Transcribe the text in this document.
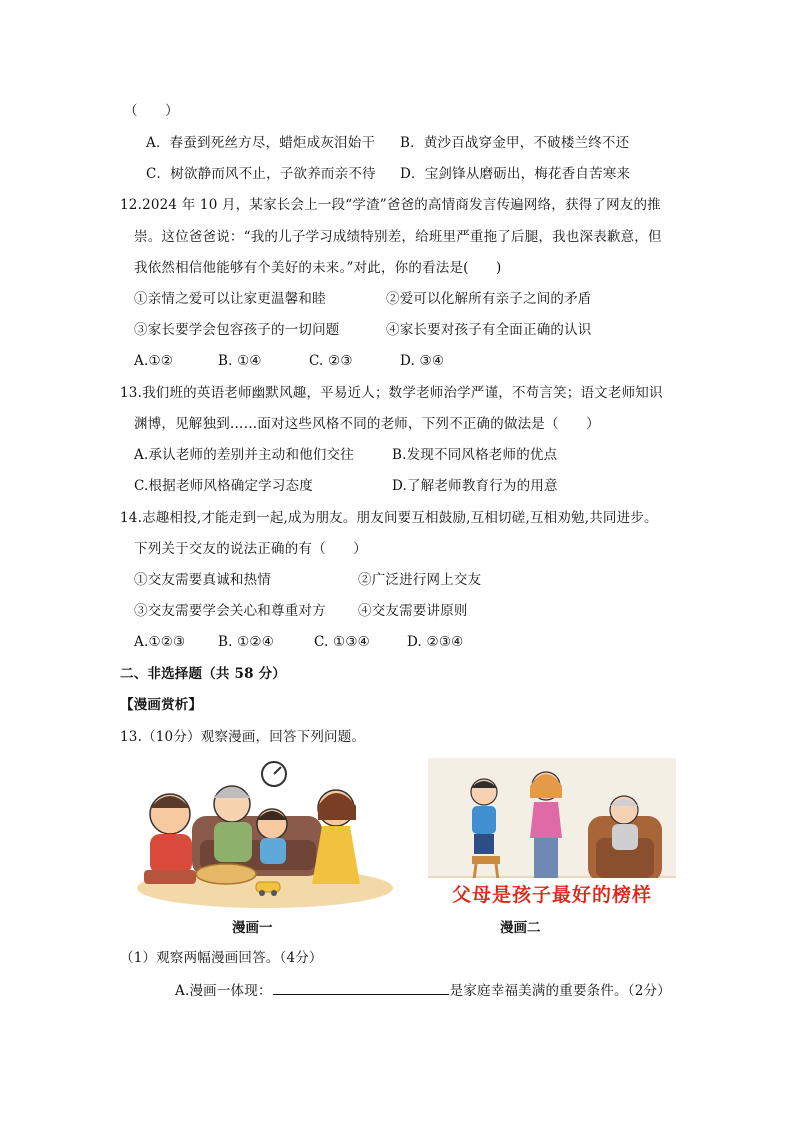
（　　）
A．春蚕到死丝方尽，蜡炬成灰泪始干 B．黄沙百战穿金甲，不破楼兰终不还
C．树欲静而风不止，子欲养而亲不待 D．宝剑锋从磨砺出，梅花香自苦寒来
12.2024 年 10 月，某家长会上一段“学渣”爸爸的高情商发言传遍网络，获得了网友的推
崇。这位爸爸说：“我的儿子学习成绩特别差，给班里严重拖了后腿，我也深表歉意，但
我依然相信他能够有个美好的未来。”对此，你的看法是(　　)
①亲情之爱可以让家更温馨和睦	②爱可以化解所有亲子之间的矛盾
③家长要学会包容孩子的一切问题	④家长要对孩子有全面正确的认识
A.①②	B. ①④	C. ②③	D. ③④
13.我们班的英语老师幽默风趣，平易近人；数学老师治学严谨，不苟言笑；语文老师知识
渊博，见解独到……面对这些风格不同的老师，下列不正确的做法是（　　）
A.承认老师的差别并主动和他们交往	B.发现不同风格老师的优点
C.根据老师风格确定学习态度	D.了解老师教育行为的用意
14.志趣相投,才能走到一起,成为朋友。朋友间要互相鼓励,互相切磋,互相劝勉,共同进步。
下列关于交友的说法正确的有（　　）
①交友需要真诚和热情	②广泛进行网上交友
③交友需要学会关心和尊重对方 ④交友需要讲原则
A.①②③ B. ①②④	C. ①③④	D. ②③④
二、非选择题（共 58 分）
【漫画赏析】
13.（10分）观察漫画，回答下列问题。
漫画一
父母是孩子最好的榜样
漫画二
（1）观察两幅漫画回答。（4分）
A.漫画一体现：	是家庭幸福美满的重要条件。（2分）
